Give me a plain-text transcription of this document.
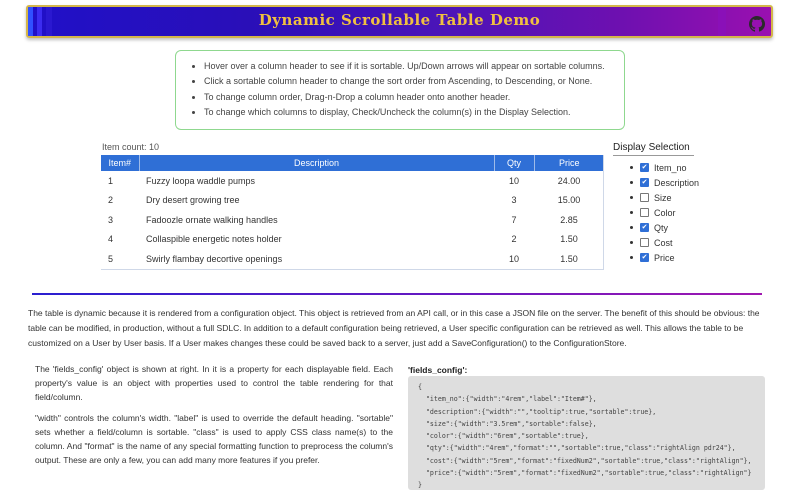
Dynamic Scrollable Table Demo
• Hover over a column header to see if it is sortable. Up/Down arrows will appear on sortable columns.
• Click a sortable column header to change the sort order from Ascending, to Descending, or None.
• To change column order, Drag-n-Drop a column header onto another header.
• To change which columns to display, Check/Uncheck the column(s) in the Display Selection.
Item count: 10
Item#	Description	Qty	Price
1	Fuzzy loopa waddle pumps	10	24.00
2	Dry desert growing tree	3	15.00
3	Fadoozle ornate walking handles	7	2.85
4	Collaspible energetic notes holder	2	1.50
5	Swirly flambay decortive openings	10	1.50
Display Selection
✔ Item_no
✔ Description
Size
Color
✔ Qty
Cost
✔ Price
The table is dynamic because it is rendered from a configuration object. This object is retrieved from an API call, or in this case a JSON file on the server. The benefit of this should be obvious: the table can be modified, in production, without a full SDLC. In addition to a default configuration being retrieved, a User specific configuration can be retrieved as well. This allows the table to be customized on a User by User basis. If a User makes changes these could be saved back to a server, just add a SaveConfiguration() to the ConfigurationStore.

The 'fields_config' object is shown at right. In it is a property for each displayable field. Each property's value is an object with properties used to control the table rendering for that field/column.

"width" controls the column's width. "label" is used to override the default heading. "sortable" sets whether a field/column is sortable. "class" is used to apply CSS class name(s) to the column. And "format" is the name of any special formatting function to preprocess the column's output. These are only a few, you can add many more features if you prefer.

'fields_config':
{
"item_no":{"width":"4rem","label":"Item#"},
"description":{"width":"","tooltip":true,"sortable":true},
"size":{"width":"3.5rem","sortable":false},
"color":{"width":"6rem","sortable":true},
"qty":{"width":"4rem","format":"","sortable":true,"class":"rightAlign pdr24"},
"cost":{"width":"5rem","format":"fixedNum2","sortable":true,"class":"rightAlign"},
"price":{"width":"5rem","format":"fixedNum2","sortable":true,"class":"rightAlign"}
}
